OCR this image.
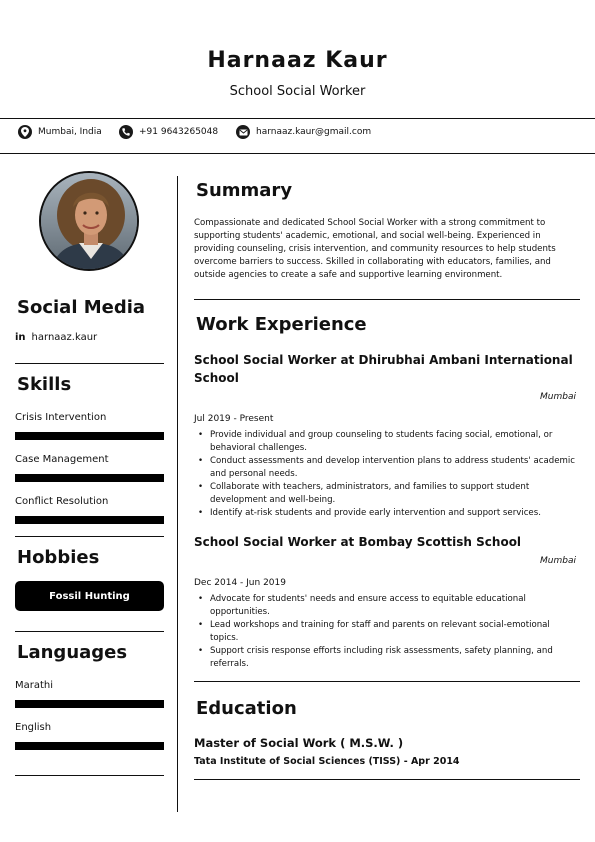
Harnaaz Kaur
School Social Worker
Mumbai, India	+91 9643265048	harnaaz.kaur@gmail.com
Social Media
in harnaaz.kaur
Skills
Crisis Intervention
Case Management
Conflict Resolution
Hobbies
Fossil Hunting
Languages
Marathi
English
Summary
Compassionate and dedicated School Social Worker with a strong commitment to supporting students' academic, emotional, and social well-being. Experienced in providing counseling, crisis intervention, and community resources to help students overcome barriers to success. Skilled in collaborating with educators, families, and outside agencies to create a safe and supportive learning environment.
Work Experience
School Social Worker at Dhirubhai Ambani International School
Mumbai
Jul 2019 - Present
• Provide individual and group counseling to students facing social, emotional, or behavioral challenges.
• Conduct assessments and develop intervention plans to address students' academic and personal needs.
• Collaborate with teachers, administrators, and families to support student development and well-being.
• Identify at-risk students and provide early intervention and support services.
School Social Worker at Bombay Scottish School
Mumbai
Dec 2014 - Jun 2019
• Advocate for students' needs and ensure access to equitable educational opportunities.
• Lead workshops and training for staff and parents on relevant social-emotional topics.
• Support crisis response efforts including risk assessments, safety planning, and referrals.
Education
Master of Social Work ( M.S.W. )
Tata Institute of Social Sciences (TISS) - Apr 2014
